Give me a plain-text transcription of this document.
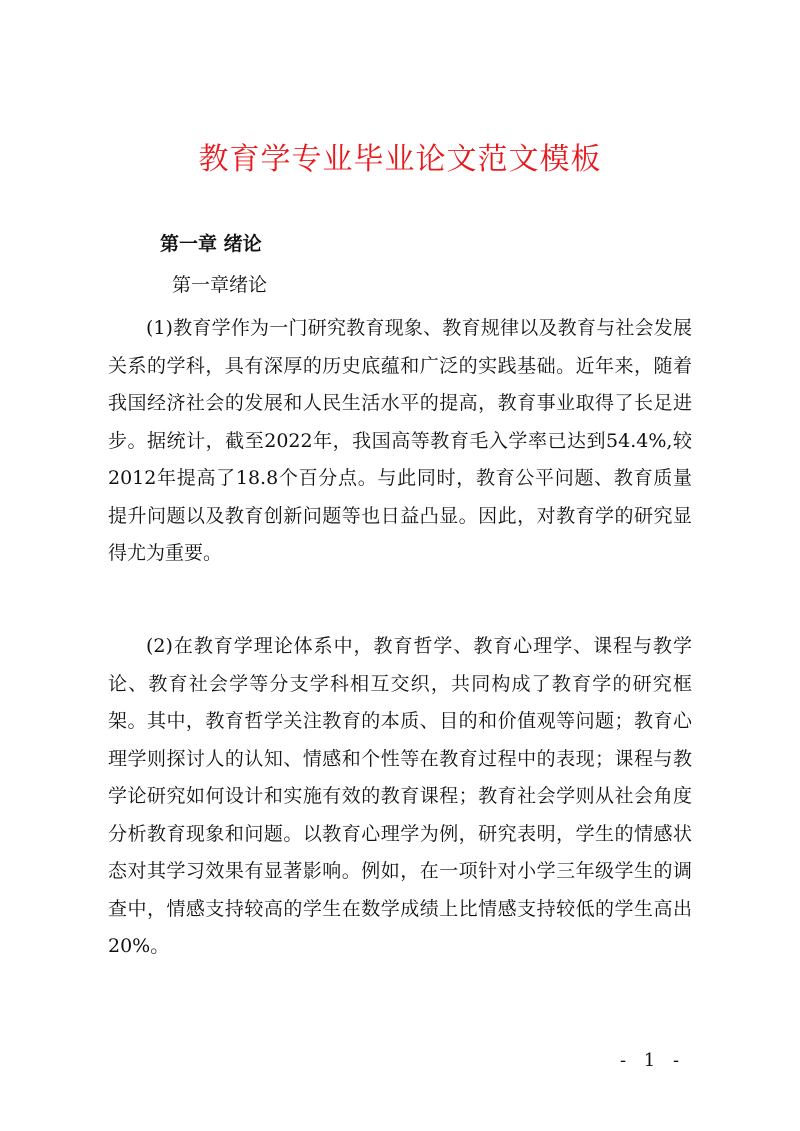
教育学专业毕业论文范文模板
第一章 绪论
第一章绪论

(1)教育学作为一门研究教育现象、教育规律以及教育与社会发展关系的学科，具有深厚的历史底蕴和广泛的实践基础。近年来，随着我国经济社会的发展和人民生活水平的提高，教育事业取得了长足进步。据统计，截至2022年，我国高等教育毛入学率已达到54.4%,较2012年提高了18.8个百分点。与此同时，教育公平问题、教育质量提升问题以及教育创新问题等也日益凸显。因此，对教育学的研究显得尤为重要。

(2)在教育学理论体系中，教育哲学、教育心理学、课程与教学论、教育社会学等分支学科相互交织，共同构成了教育学的研究框架。其中，教育哲学关注教育的本质、目的和价值观等问题；教育心理学则探讨人的认知、情感和个性等在教育过程中的表现；课程与教学论研究如何设计和实施有效的教育课程；教育社会学则从社会角度分析教育现象和问题。以教育心理学为例，研究表明，学生的情感状态对其学习效果有显著影响。例如，在一项针对小学三年级学生的调查中，情感支持较高的学生在数学成绩上比情感支持较低的学生高出20%。

- 1 -
